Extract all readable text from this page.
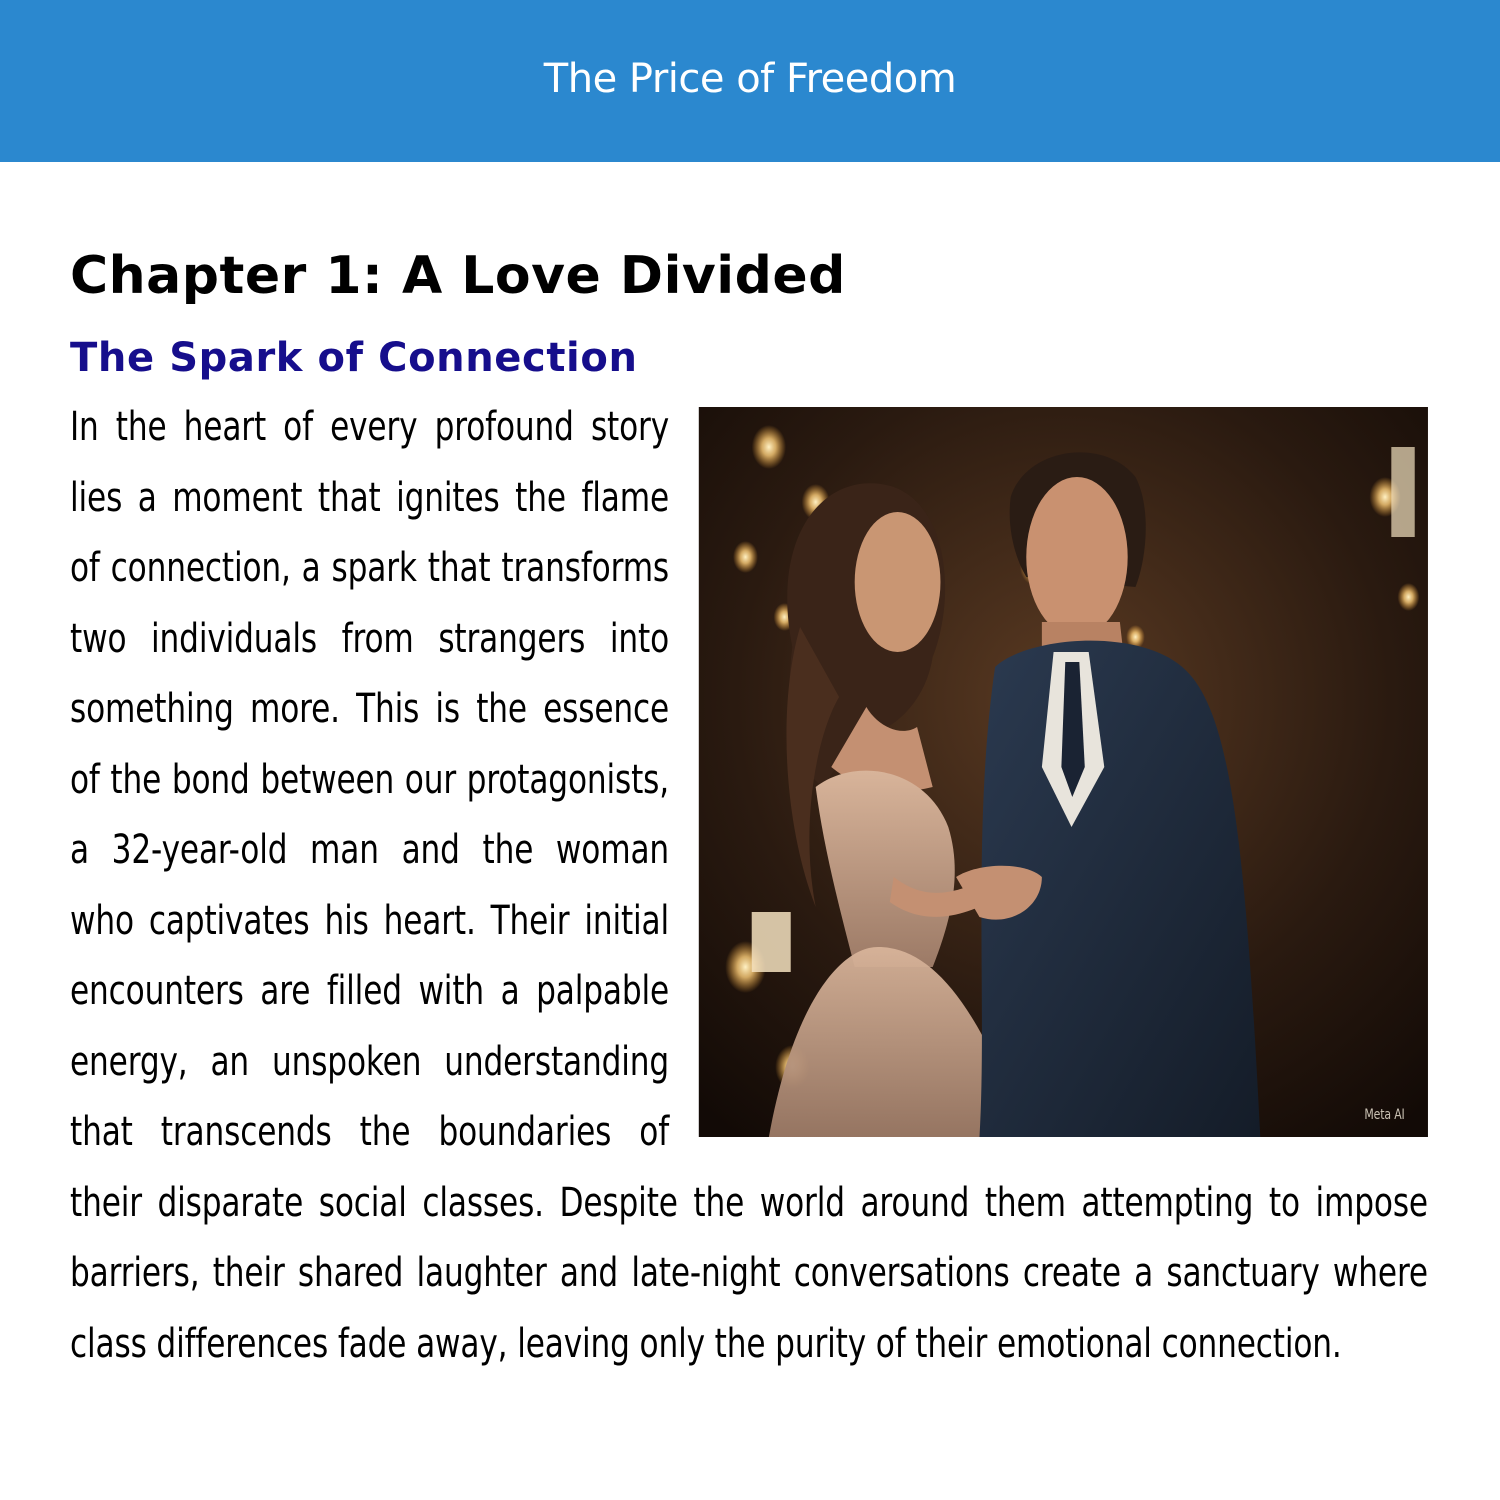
The Price of Freedom
Chapter 1: A Love Divided
The Spark of Connection
Meta AI
In the heart of every profound story lies a moment that ignites the flame of connection, a spark that transforms two individuals from strangers into something more. This is the essence of the bond between our protagonists, a 32-year-old man and the woman who captivates his heart. Their initial encounters are filled with a palpable energy, an unspoken understanding that transcends the boundaries of their disparate social classes. Despite the world around them attempting to impose barriers, their shared laughter and late-night conversations create a sanctuary where class differences fade away, leaving only the purity of their emotional connection.
